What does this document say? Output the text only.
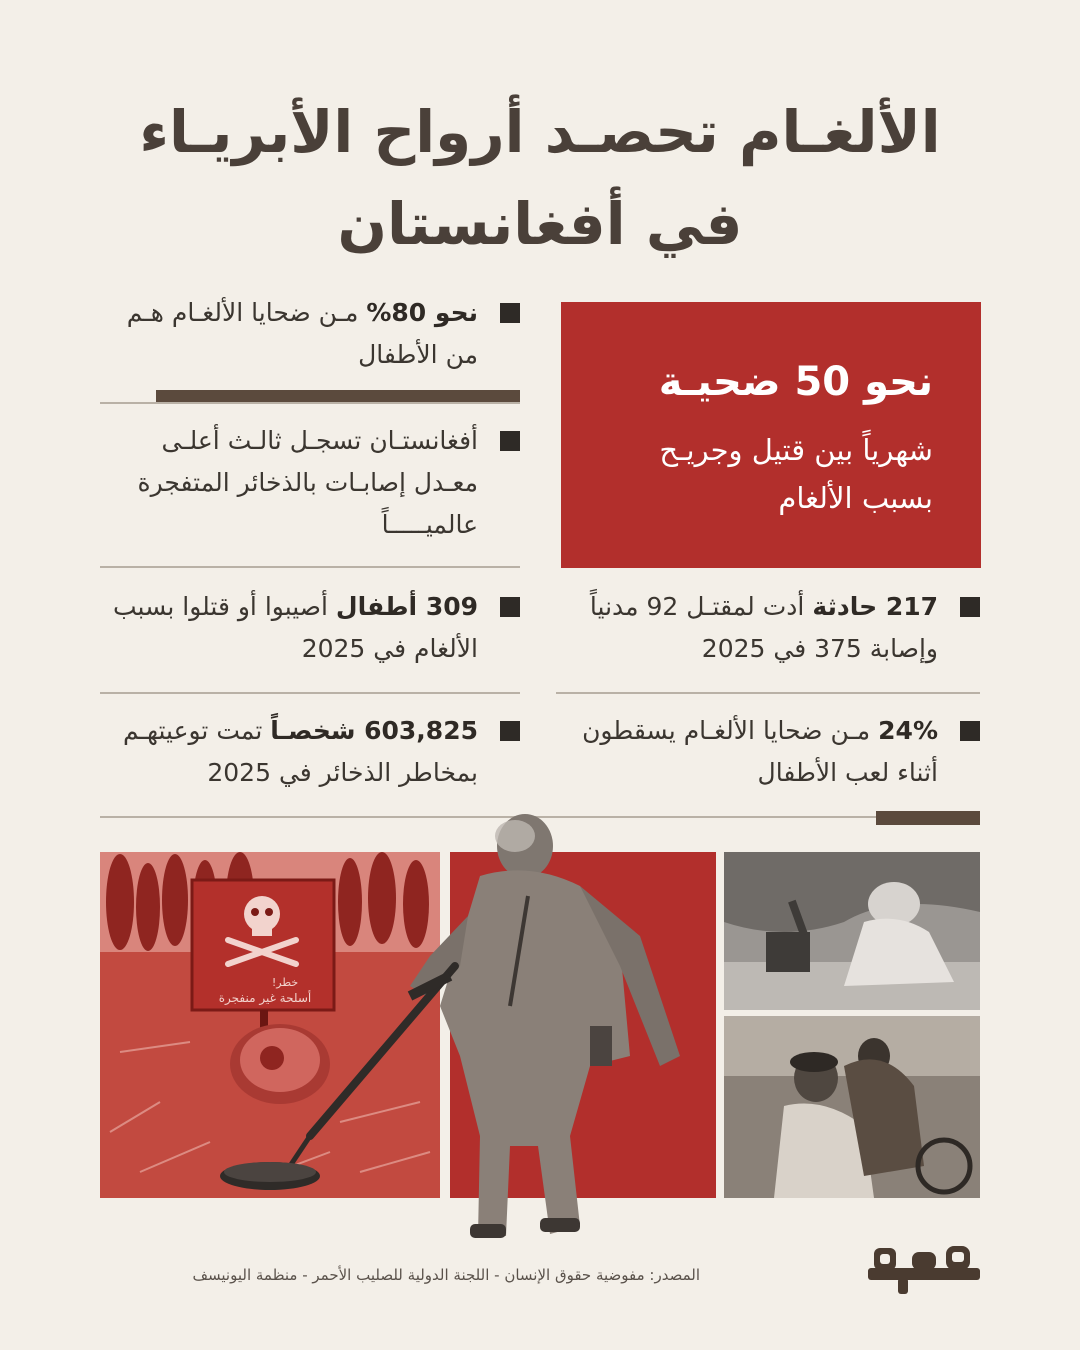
الألغـام تحصـد أرواح الأبريـاء
في أفغانستان
نحو 80% مـن ضحايا الألغـام هـم من الأطفال
أفغانستـان تسجـل ثالـث أعلـى معـدل إصابـات بالذخائر المتفجرة عالميـــــاً
309 أطفال أصيبوا أو قتلوا بسبب الألغام في 2025
603,825 شخصـاً تمت توعيتهـم بمخاطر الذخائر في 2025
نحو 50 ضحيـة
شهرياً بين قتيل وجريـح
بسبب الألغام
217 حادثة أدت لمقتـل 92 مدنياً وإصابة 375 في 2025
24% مـن ضحايا الألغـام يسقطون أثناء لعب الأطفال
خطر!
أسلحة غير منفجرة
المصدر: مفوضية حقوق الإنسان - اللجنة الدولية للصليب الأحمر - منظمة اليونيسف
